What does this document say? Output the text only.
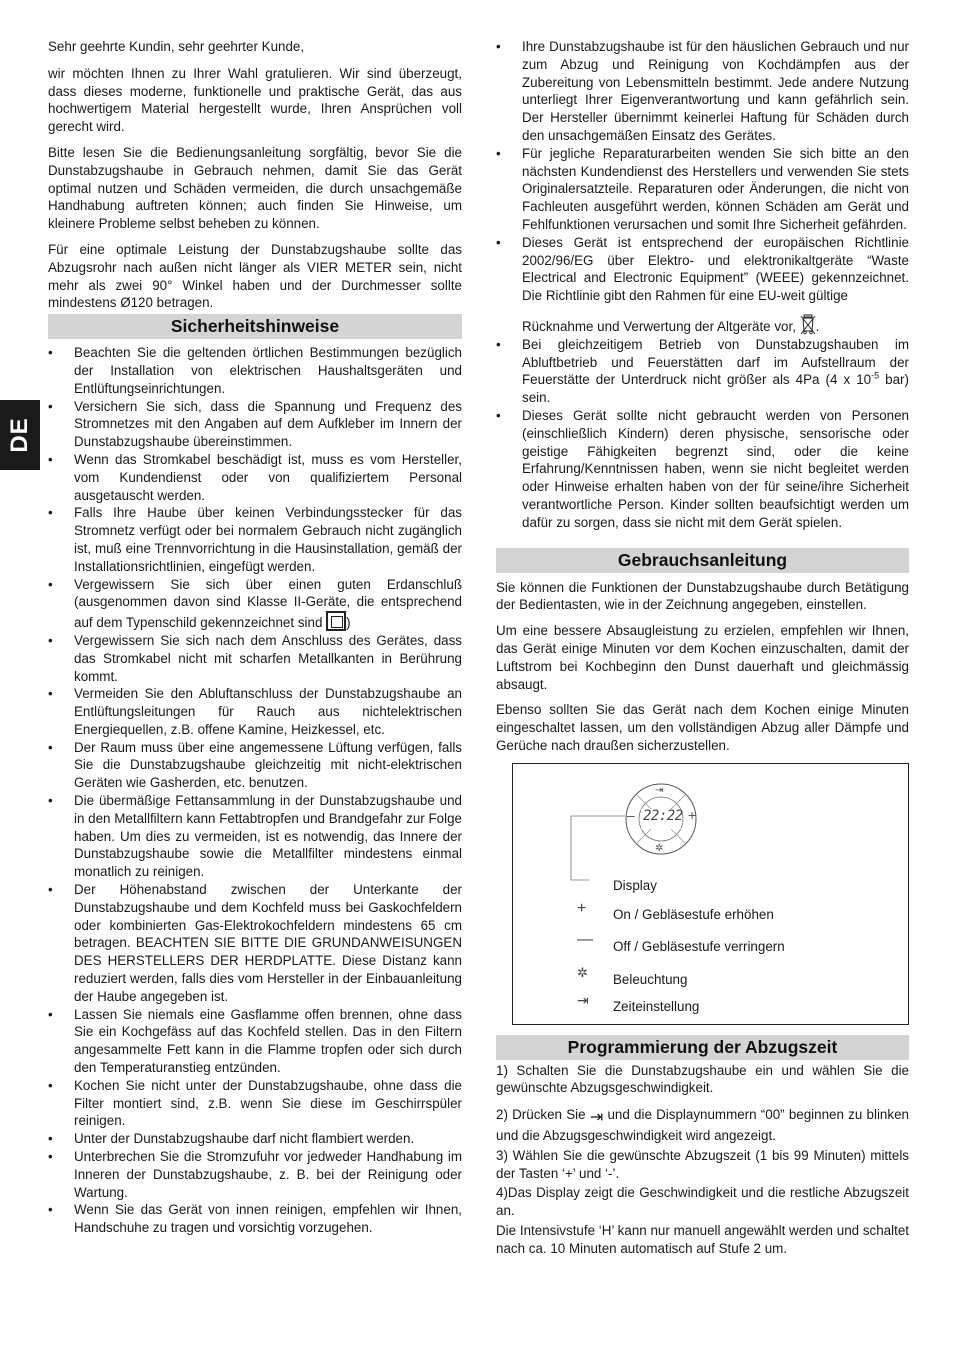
DE

Sehr geehrte Kundin, sehr geehrter Kunde,

wir möchten Ihnen zu Ihrer Wahl gratulieren. Wir sind überzeugt, dass dieses moderne, funktionelle und praktische Gerät, das aus hochwertigem Material hergestellt wurde, Ihren Ansprüchen voll gerecht wird.

Bitte lesen Sie die Bedienungsanleitung sorgfältig, bevor Sie die Dunstabzugshaube in Gebrauch nehmen, damit Sie das Gerät optimal nutzen und Schäden vermeiden, die durch unsachgemäße Handhabung auftreten können; auch finden Sie Hinweise, um kleinere Probleme selbst beheben zu können.

Für eine optimale Leistung der Dunstabzugshaube sollte das Abzugsrohr nach außen nicht länger als VIER METER sein, nicht mehr als zwei 90° Winkel haben und der Durchmesser sollte mindestens Ø120 betragen.

Sicherheitshinweise
• Beachten Sie die geltenden örtlichen Bestimmungen bezüglich der Installation von elektrischen Haushaltsgeräten und Entlüftungseinrichtungen.
• Versichern Sie sich, dass die Spannung und Frequenz des Stromnetzes mit den Angaben auf dem Aufkleber im Innern der Dunstabzugshaube übereinstimmen.
• Wenn das Stromkabel beschädigt ist, muss es vom Hersteller, vom Kundendienst oder von qualifiziertem Personal ausgetauscht werden.
• Falls Ihre Haube über keinen Verbindungsstecker für das Stromnetz verfügt oder bei normalem Gebrauch nicht zugänglich ist, muß eine Trennvorrichtung in die Hausinstallation, gemäß der Installationsrichtlinien, eingefügt werden.
• Vergewissern Sie sich über einen guten Erdanschluß (ausgenommen davon sind Klasse II-Geräte, die entsprechend auf dem Typenschild gekennzeichnet sind )
• Vergewissern Sie sich nach dem Anschluss des Gerätes, dass das Stromkabel nicht mit scharfen Metallkanten in Berührung kommt.
• Vermeiden Sie den Abluftanschluss der Dunstabzugshaube an Entlüftungsleitungen für Rauch aus nichtelektrischen Energiequellen, z.B. offene Kamine, Heizkessel, etc.
• Der Raum muss über eine angemessene Lüftung verfügen, falls Sie die Dunstabzugshaube gleichzeitig mit nicht-elektrischen Geräten wie Gasherden, etc. benutzen.
• Die übermäßige Fettansammlung in der Dunstabzugshaube und in den Metallfiltern kann Fettabtropfen und Brandgefahr zur Folge haben. Um dies zu vermeiden, ist es notwendig, das Innere der Dunstabzugshaube sowie die Metallfilter mindestens einmal monatlich zu reinigen.
• Der Höhenabstand zwischen der Unterkante der Dunstabzugshaube und dem Kochfeld muss bei Gaskochfeldern oder kombinierten Gas-Elektrokochfeldern mindestens 65 cm betragen. BEACHTEN SIE BITTE DIE GRUNDANWEISUNGEN DES HERSTELLERS DER HERDPLATTE. Diese Distanz kann reduziert werden, falls dies vom Hersteller in der Einbauanleitung der Haube angegeben ist.
• Lassen Sie niemals eine Gasflamme offen brennen, ohne dass Sie ein Kochgefäss auf das Kochfeld stellen. Das in den Filtern angesammelte Fett kann in die Flamme tropfen oder sich durch den Temperaturanstieg entzünden.
• Kochen Sie nicht unter der Dunstabzugshaube, ohne dass die Filter montiert sind, z.B. wenn Sie diese im Geschirrspüler reinigen.
• Unter der Dunstabzugshaube darf nicht flambiert werden.
• Unterbrechen Sie die Stromzufuhr vor jedweder Handhabung im Inneren der Dunstabzugshaube, z. B. bei der Reinigung oder Wartung.
• Wenn Sie das Gerät von innen reinigen, empfehlen wir Ihnen, Handschuhe zu tragen und vorsichtig vorzugehen.
• Ihre Dunstabzugshaube ist für den häuslichen Gebrauch und nur zum Abzug und Reinigung von Kochdämpfen aus der Zubereitung von Lebensmitteln bestimmt. Jede andere Nutzung unterliegt Ihrer Eigenverantwortung und kann gefährlich sein. Der Hersteller übernimmt keinerlei Haftung für Schäden durch den unsachgemäßen Einsatz des Gerätes.
• Für jegliche Reparaturarbeiten wenden Sie sich bitte an den nächsten Kundendienst des Herstellers und verwenden Sie stets Originalersatzteile. Reparaturen oder Änderungen, die nicht von Fachleuten ausgeführt werden, können Schäden am Gerät und Fehlfunktionen verursachen und somit Ihre Sicherheit gefährden.
• Dieses Gerät ist entsprechend der europäischen Richtlinie 2002/96/EG über Elektro- und elektronikaltgeräte “Waste Electrical and Electronic Equipment” (WEEE) gekennzeichnet. Die Richtlinie gibt den Rahmen für eine EU-weit gültige
Rücknahme und Verwertung der Altgeräte vor, .
• Bei gleichzeitigem Betrieb von Dunstabzugshauben im Abluftbetrieb und Feuerstätten darf im Aufstellraum der Feuerstätte der Unterdruck nicht größer als 4Pa (4 x $10^{-5}$ bar) sein.
• Dieses Gerät sollte nicht gebraucht werden von Personen (einschließlich Kindern) deren physische, sensorische oder geistige Fähigkeiten begrenzt sind, oder die keine Erfahrung/Kenntnissen haben, wenn sie nicht begleitet werden oder Hinweise erhalten haben von der für seine/ihre Sicherheit verantwortliche Person. Kinder sollten beaufsichtigt werden um dafür zu sorgen, dass sie nicht mit dem Gerät spielen.
Gebrauchsanleitung

Sie können die Funktionen der Dunstabzugshaube durch Betätigung der Bedientasten, wie in der Zeichnung angegeben, einstellen.

Um eine bessere Absaugleistung zu erzielen, empfehlen wir Ihnen, das Gerät einige Minuten vor dem Kochen einzuschalten, damit der Luftstrom bei Kochbeginn den Dunst dauerhaft und gleichmässig absaugt.

Ebenso sollten Sie das Gerät nach dem Kochen einige Minuten eingeschaltet lassen, um den vollständigen Abzug aller Dämpfe und Gerüche nach draußen sicherzustellen.

22:22 +
–
⇥
✲
Display
+ On / Gebläsestufe erhöhen
— Off / Gebläsestufe verringern
✲ Beleuchtung
⇥ Zeiteinstellung
Programmierung der Abzugszeit

1) Schalten Sie die Dunstabzugshaube ein und wählen Sie die gewünschte Abzugsgeschwindigkeit.

2) Drücken Sie ⇥ und die Displaynummern “00” beginnen zu blinken und die Abzugsgeschwindigkeit wird angezeigt.

3) Wählen Sie die gewünschte Abzugszeit (1 bis 99 Minuten) mittels der Tasten ‘+’ und ‘-’.

4)Das Display zeigt die Geschwindigkeit und die restliche Abzugszeit an.

Die Intensivstufe ‘H’ kann nur manuell angewählt werden und schaltet nach ca. 10 Minuten automatisch auf Stufe 2 um.
